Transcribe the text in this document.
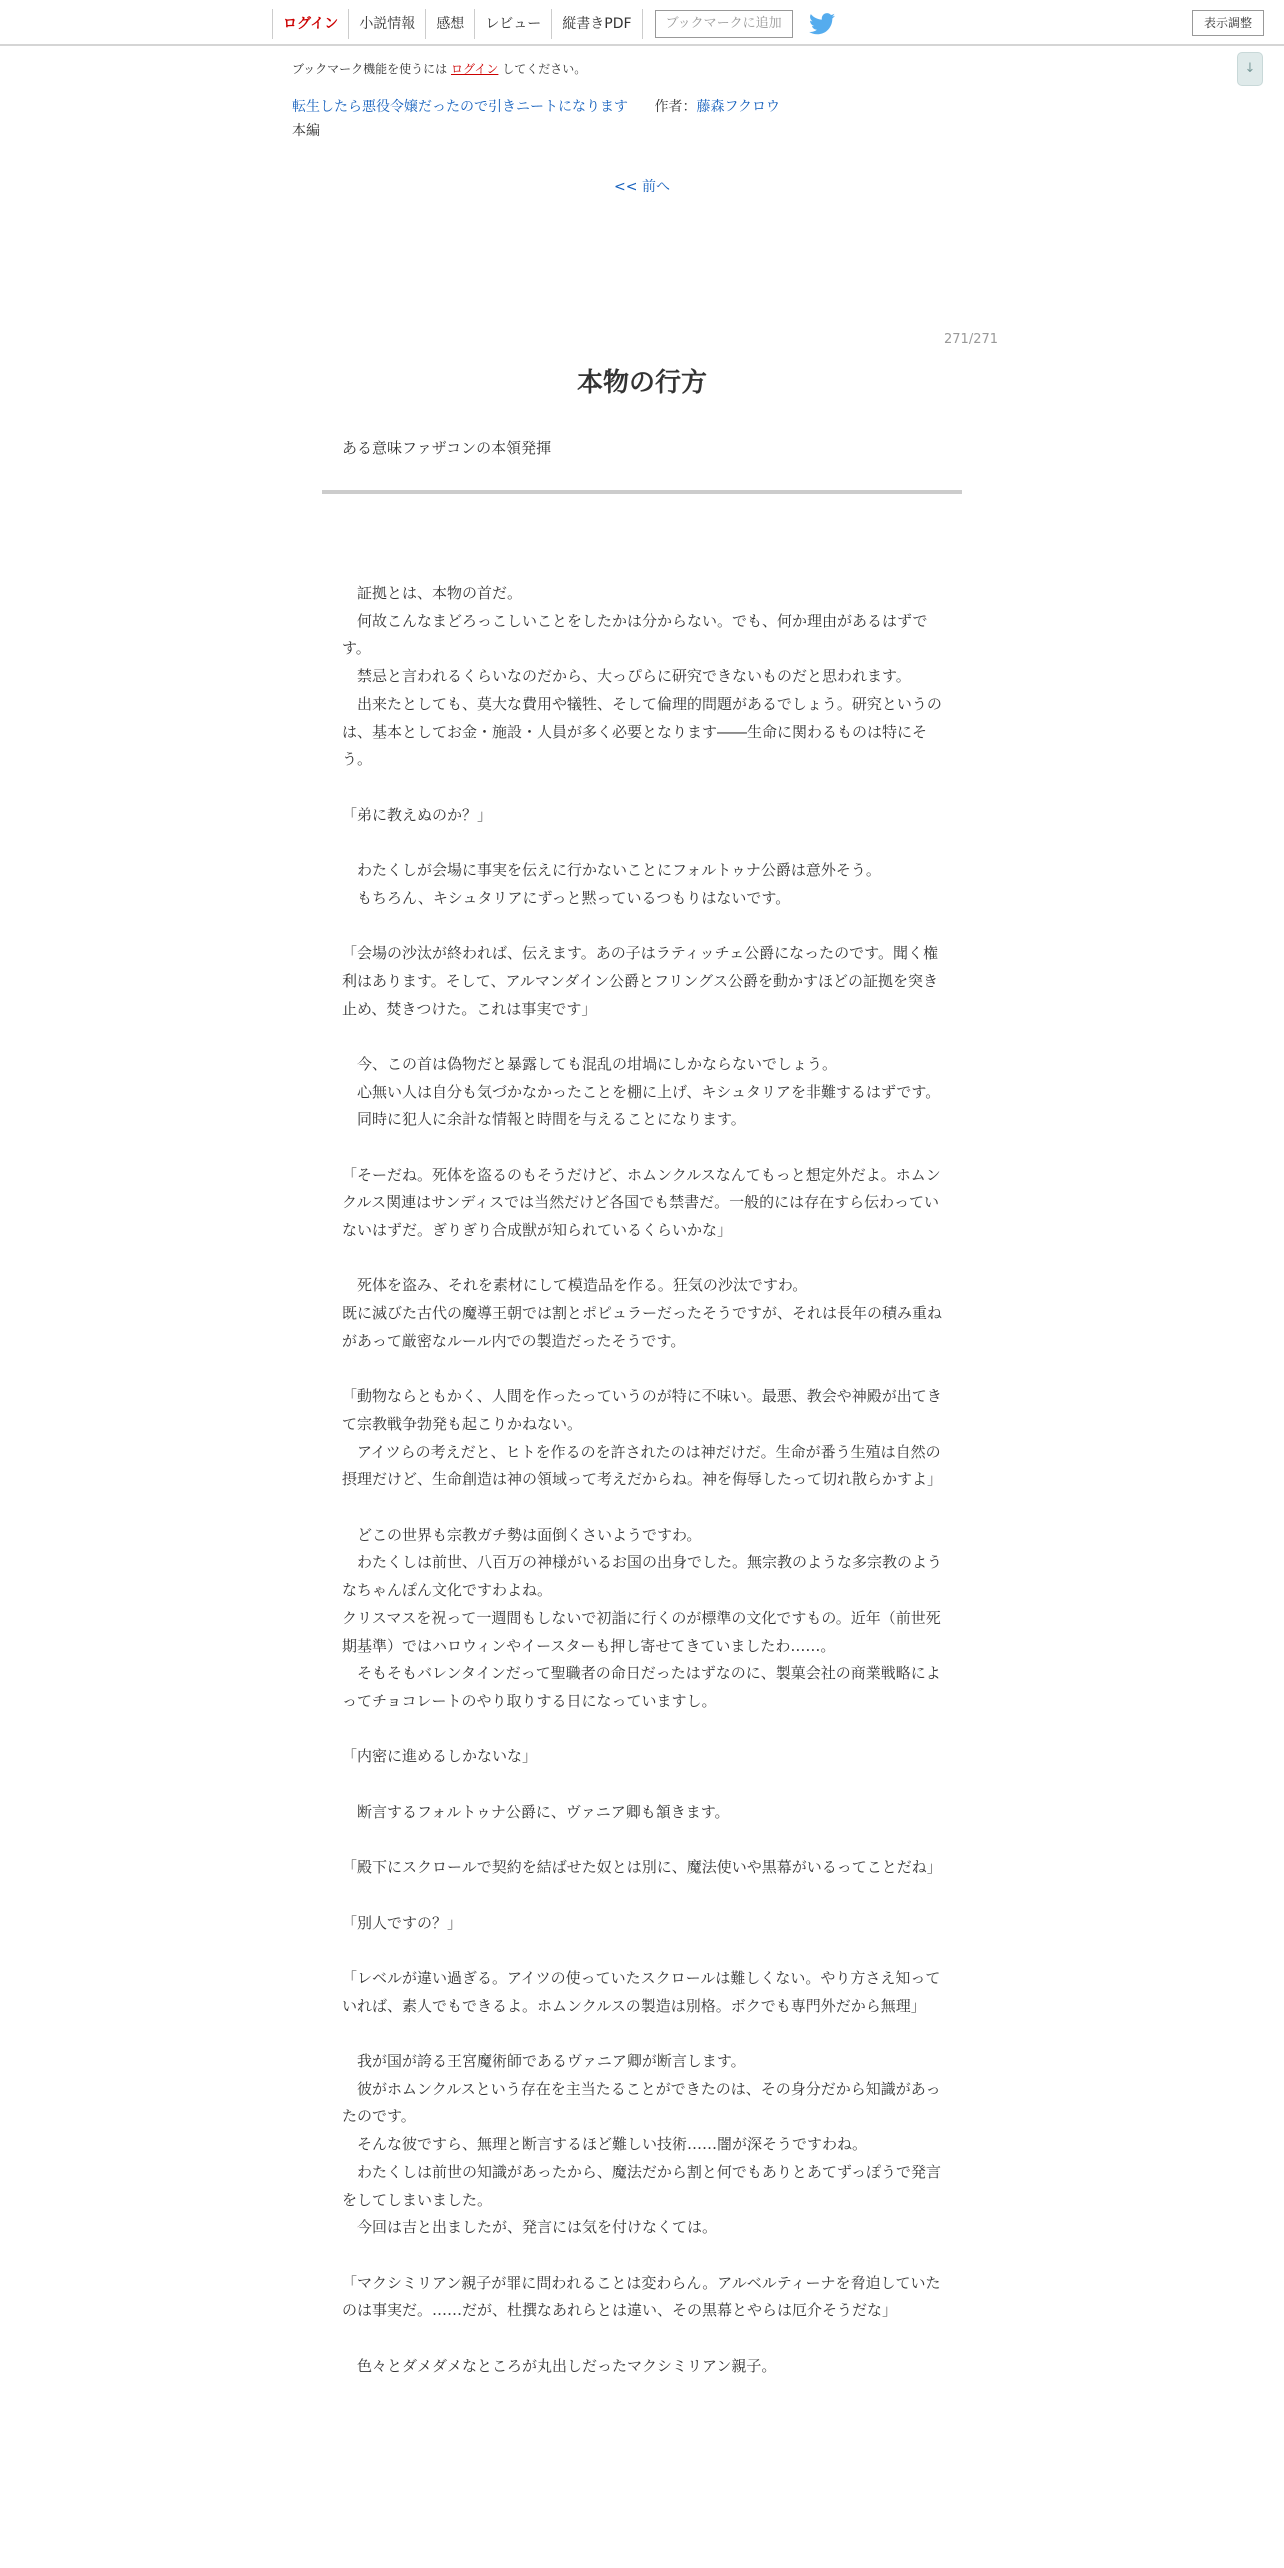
ログイン	小説情報	感想	レビュー	縦書きPDF	ブックマークに追加	表示調整
↓
ブックマーク機能を使うには ログイン してください。
転生したら悪役令嬢だったので引きニートになります 作者：藤森フクロウ
本編
<< 前へ
271/271
本物の行方
ある意味ファザコンの本領発揮

　証拠とは、本物の首だ。

　何故こんなまどろっこしいことをしたかは分からない。でも、何か理由があるはずです。

　禁忌と言われるくらいなのだから、大っぴらに研究できないものだと思われます。

　出来たとしても、莫大な費用や犠牲、そして倫理的問題があるでしょう。研究というのは、基本としてお金・施設・人員が多く必要となります――生命に関わるものは特にそう。

「弟に教えぬのか？」

　わたくしが会場に事実を伝えに行かないことにフォルトゥナ公爵は意外そう。

　もちろん、キシュタリアにずっと黙っているつもりはないです。

「会場の沙汰が終われば、伝えます。あの子はラティッチェ公爵になったのです。聞く権利はあります。そして、アルマンダイン公爵とフリングス公爵を動かすほどの証拠を突き止め、焚きつけた。これは事実です」

　今、この首は偽物だと暴露しても混乱の坩堝にしかならないでしょう。

　心無い人は自分も気づかなかったことを棚に上げ、キシュタリアを非難するはずです。

　同時に犯人に余計な情報と時間を与えることになります。

「そーだね。死体を盗るのもそうだけど、ホムンクルスなんてもっと想定外だよ。ホムンクルス関連はサンディスでは当然だけど各国でも禁書だ。一般的には存在すら伝わっていないはずだ。ぎりぎり合成獣が知られているくらいかな」

　死体を盗み、それを素材にして模造品を作る。狂気の沙汰ですわ。

既に滅びた古代の魔導王朝では割とポピュラーだったそうですが、それは長年の積み重ねがあって厳密なルール内での製造だったそうです。

「動物ならともかく、人間を作ったっていうのが特に不味い。最悪、教会や神殿が出てきて宗教戦争勃発も起こりかねない。

　アイツらの考えだと、ヒトを作るのを許されたのは神だけだ。生命が番う生殖は自然の摂理だけど、生命創造は神の領域って考えだからね。神を侮辱したって切れ散らかすよ」

　どこの世界も宗教ガチ勢は面倒くさいようですわ。

　わたくしは前世、八百万の神様がいるお国の出身でした。無宗教のような多宗教のようなちゃんぽん文化ですわよね。

クリスマスを祝って一週間もしないで初詣に行くのが標準の文化ですもの。近年（前世死期基準）ではハロウィンやイースターも押し寄せてきていましたわ……。

　そもそもバレンタインだって聖職者の命日だったはずなのに、製菓会社の商業戦略によってチョコレートのやり取りする日になっていますし。

「内密に進めるしかないな」

　断言するフォルトゥナ公爵に、ヴァニア卿も頷きます。

「殿下にスクロールで契約を結ばせた奴とは別に、魔法使いや黒幕がいるってことだね」

「別人ですの？」

「レベルが違い過ぎる。アイツの使っていたスクロールは難しくない。やり方さえ知っていれば、素人でもできるよ。ホムンクルスの製造は別格。ボクでも専門外だから無理」

　我が国が誇る王宮魔術師であるヴァニア卿が断言します。

　彼がホムンクルスという存在を主当たることができたのは、その身分だから知識があったのです。

　そんな彼ですら、無理と断言するほど難しい技術……闇が深そうですわね。

　わたくしは前世の知識があったから、魔法だから割と何でもありとあてずっぽうで発言をしてしまいました。

　今回は吉と出ましたが、発言には気を付けなくては。

「マクシミリアン親子が罪に問われることは変わらん。アルベルティーナを脅迫していたのは事実だ。……だが、杜撰なあれらとは違い、その黒幕とやらは厄介そうだな」

　色々とダメダメなところが丸出しだったマクシミリアン親子。
